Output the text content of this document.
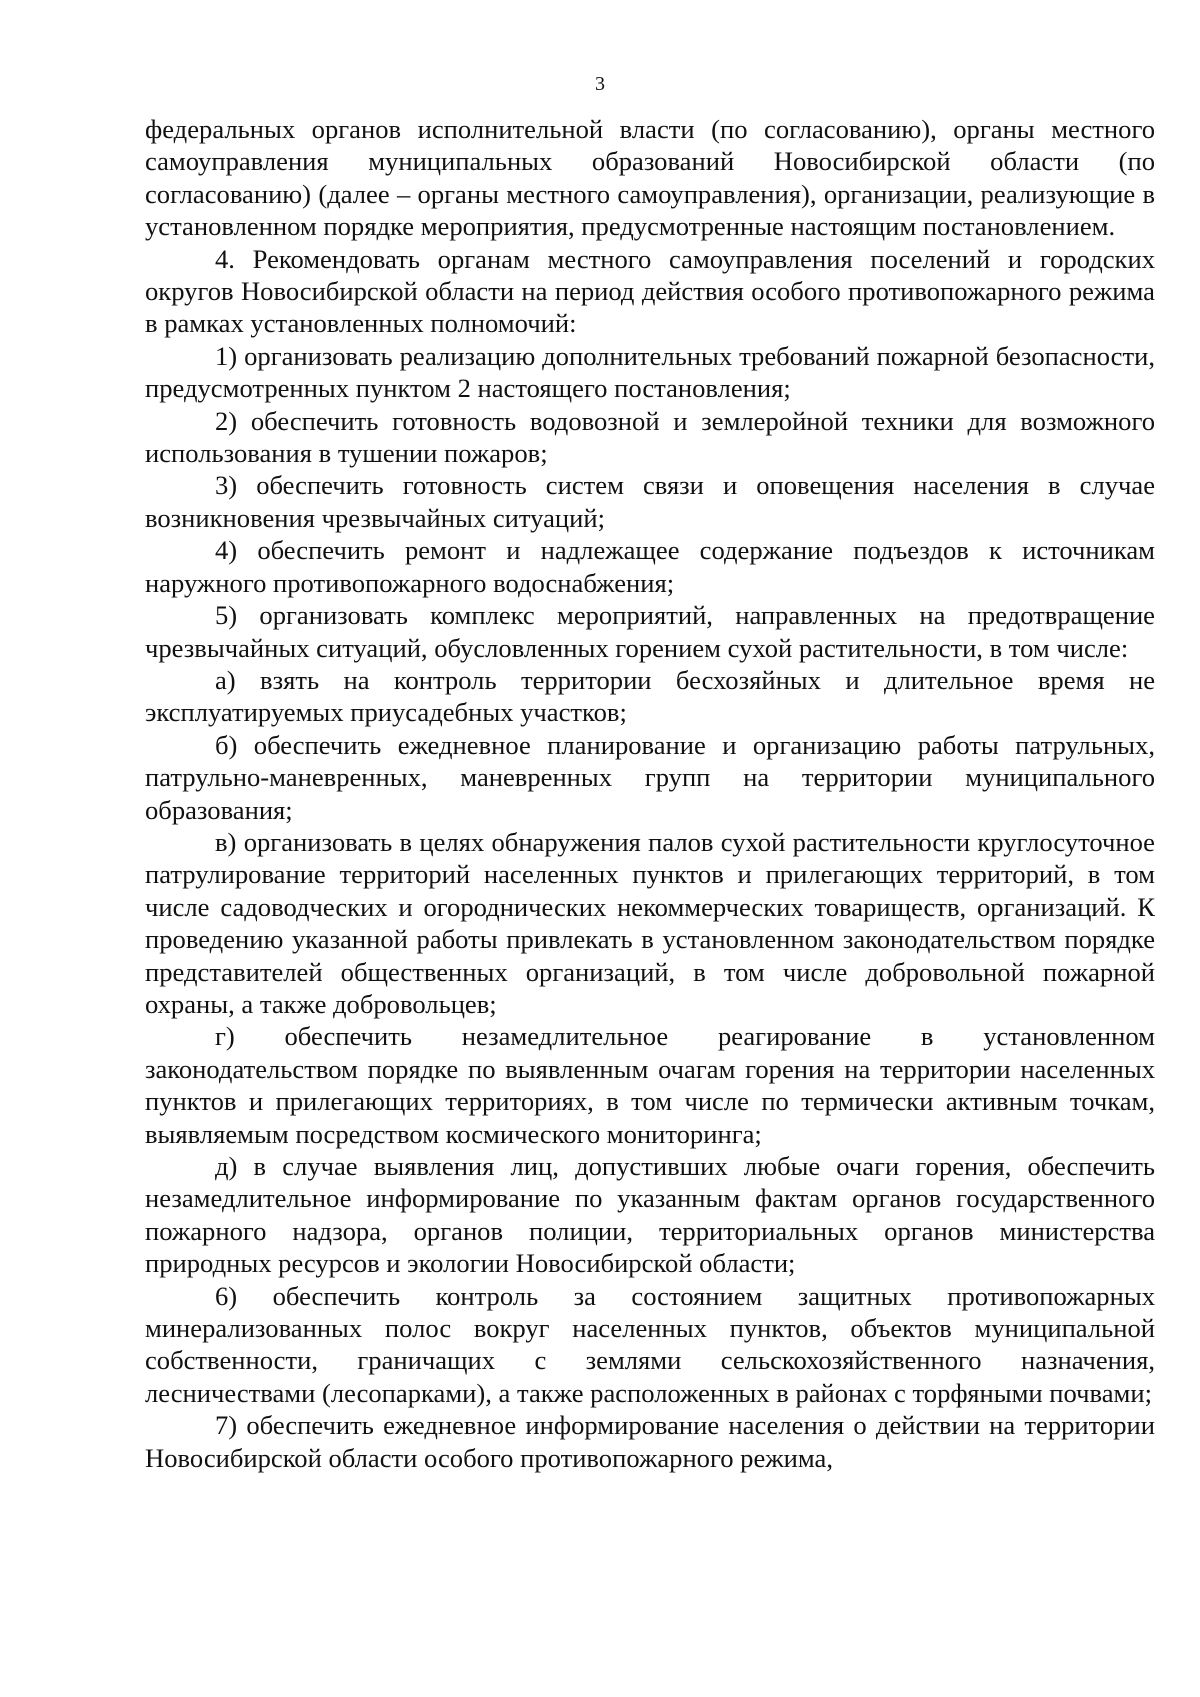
3

федеральных органов исполнительной власти (по согласованию), органы местного самоуправления муниципальных образований Новосибирской области (по согласованию) (далее – органы местного самоуправления), организации, реализующие в установленном порядке мероприятия, предусмотренные настоящим постановлением.

4. Рекомендовать органам местного самоуправления поселений и городских округов Новосибирской области на период действия особого противопожарного режима в рамках установленных полномочий:

1) организовать реализацию дополнительных требований пожарной безопасности, предусмотренных пунктом 2 настоящего постановления;

2) обеспечить готовность водовозной и землеройной техники для возможного использования в тушении пожаров;

3) обеспечить готовность систем связи и оповещения населения в случае возникновения чрезвычайных ситуаций;

4) обеспечить ремонт и надлежащее содержание подъездов к источникам наружного противопожарного водоснабжения;

5) организовать комплекс мероприятий, направленных на предотвращение чрезвычайных ситуаций, обусловленных горением сухой растительности, в том числе:

а) взять на контроль территории бесхозяйных и длительное время не эксплуатируемых приусадебных участков;

б) обеспечить ежедневное планирование и организацию работы патрульных, патрульно-маневренных, маневренных групп на территории муниципального образования;

в) организовать в целях обнаружения палов сухой растительности круглосуточное патрулирование территорий населенных пунктов и прилегающих территорий, в том числе садоводческих и огороднических некоммерческих товариществ, организаций. К проведению указанной работы привлекать в установленном законодательством порядке представителей общественных организаций, в том числе добровольной пожарной охраны, а также добровольцев;

г) обеспечить незамедлительное реагирование в установленном законодательством порядке по выявленным очагам горения на территории населенных пунктов и прилегающих территориях, в том числе по термически активным точкам, выявляемым посредством космического мониторинга;

д) в случае выявления лиц, допустивших любые очаги горения, обеспечить незамедлительное информирование по указанным фактам органов государственного пожарного надзора, органов полиции, территориальных органов министерства природных ресурсов и экологии Новосибирской области;

6) обеспечить контроль за состоянием защитных противопожарных минерализованных полос вокруг населенных пунктов, объектов муниципальной собственности, граничащих с землями сельскохозяйственного назначения, лесничествами (лесопарками), а также расположенных в районах с торфяными почвами;

7) обеспечить ежедневное информирование населения о действии на территории Новосибирской области особого противопожарного режима,
